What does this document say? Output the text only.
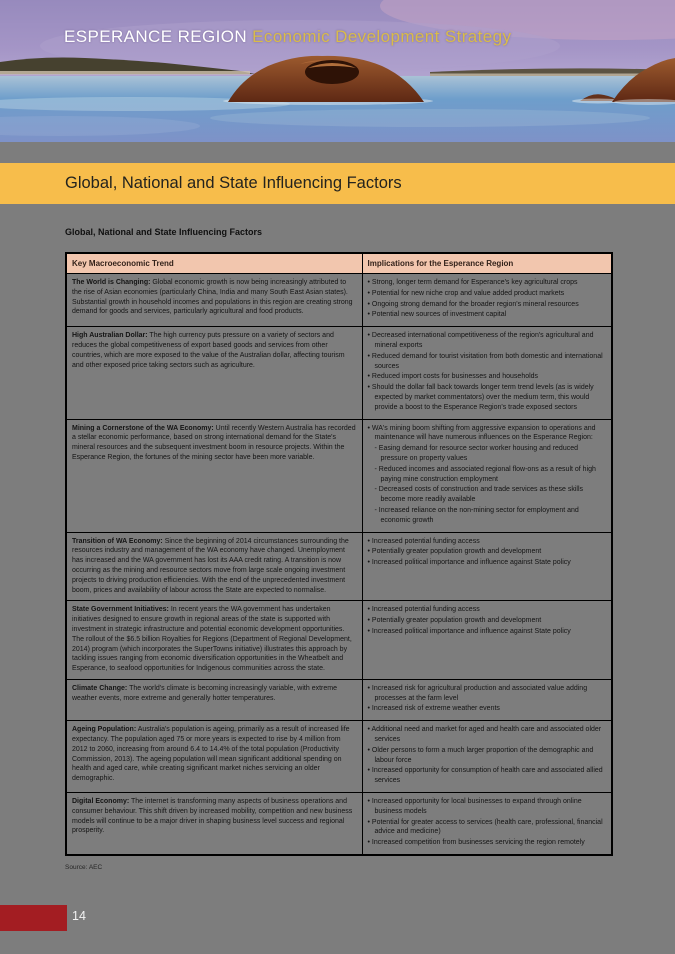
ESPERANCE REGION Economic Development Strategy
Global, National and State Influencing Factors
Global, National and State Influencing Factors
Key Macroeconomic Trend	Implications for the Esperance Region
The World is Changing: Global economic growth is now being increasingly attributed to the rise of Asian economies (particularly China, India and many South East Asian states). Substantial growth in household incomes and populations in this region are creating strong demand for goods and services, particularly agricultural and food products.	
• Strong, longer term demand for Esperance's key agricultural crops
• Potential for new niche crop and value added product markets
• Ongoing strong demand for the broader region's mineral resources
• Potential new sources of investment capital

High Australian Dollar: The high currency puts pressure on a variety of sectors and reduces the global competitiveness of export based goods and services from other countries, which are more exposed to the value of the Australian dollar, affecting tourism and other exposed price taking sectors such as agriculture.	
• Decreased international competitiveness of the region's agricultural and mineral exports
• Reduced demand for tourist visitation from both domestic and international sources
• Reduced import costs for businesses and households
• Should the dollar fall back towards longer term trend levels (as is widely expected by market commentators) over the medium term, this would provide a boost to the Esperance Region's trade exposed sectors

Mining a Cornerstone of the WA Economy: Until recently Western Australia has recorded a stellar economic performance, based on strong international demand for the State's mineral resources and the subsequent investment boom in resource projects. Within the Esperance Region, the fortunes of the mining sector have been more variable.	
• WA's mining boom shifting from aggressive expansion to operations and maintenance will have numerous influences on the Esperance Region:
- Easing demand for resource sector worker housing and reduced pressure on property values
- Reduced incomes and associated regional flow-ons as a result of high paying mine construction employment
- Decreased costs of construction and trade services as these skills become more readily available
- Increased reliance on the non-mining sector for employment and economic growth

Transition of WA Economy: Since the beginning of 2014 circumstances surrounding the resources industry and management of the WA economy have changed. Unemployment has increased and the WA government has lost its AAA credit rating. A transition is now occurring as the mining and resource sectors move from large scale ongoing investment projects to driving production efficiencies. With the end of the unprecedented investment boom, prices and availability of labour across the State are expected to normalise.	
• Increased potential funding access
• Potentially greater population growth and development
• Increased political importance and influence against State policy

State Government Initiatives: In recent years the WA government has undertaken initiatives designed to ensure growth in regional areas of the state is supported with investment in strategic infrastructure and potential economic development opportunities. The rollout of the $6.5 billion Royalties for Regions (Department of Regional Development, 2014) program (which incorporates the SuperTowns initiative) illustrates this approach by tackling issues ranging from economic diversification opportunities in the Wheatbelt and Esperance, to seafood opportunities for Indigenous communities across the state.	
• Increased potential funding access
• Potentially greater population growth and development
• Increased political importance and influence against State policy

Climate Change: The world's climate is becoming increasingly variable, with extreme weather events, more extreme and generally hotter temperatures.	
• Increased risk for agricultural production and associated value adding processes at the farm level
• Increased risk of extreme weather events

Ageing Population: Australia's population is ageing, primarily as a result of increased life expectancy. The population aged 75 or more years is expected to rise by 4 million from 2012 to 2060, increasing from around 6.4 to 14.4% of the total population (Productivity Commission, 2013). The ageing population will mean significant additional spending on health and aged care, while creating significant market niches servicing an older demographic.	
• Additional need and market for aged and health care and associated older services
• Older persons to form a much larger proportion of the demographic and labour force
• Increased opportunity for consumption of health care and associated allied services

Digital Economy: The internet is transforming many aspects of business operations and consumer behaviour. This shift driven by increased mobility, competition and new business models will continue to be a major driver in shaping business level success and regional prosperity.	
• Increased opportunity for local businesses to expand through online business models
• Potential for greater access to services (health care, professional, financial advice and medicine)
• Increased competition from businesses servicing the region remotely
Source: AEC
14
